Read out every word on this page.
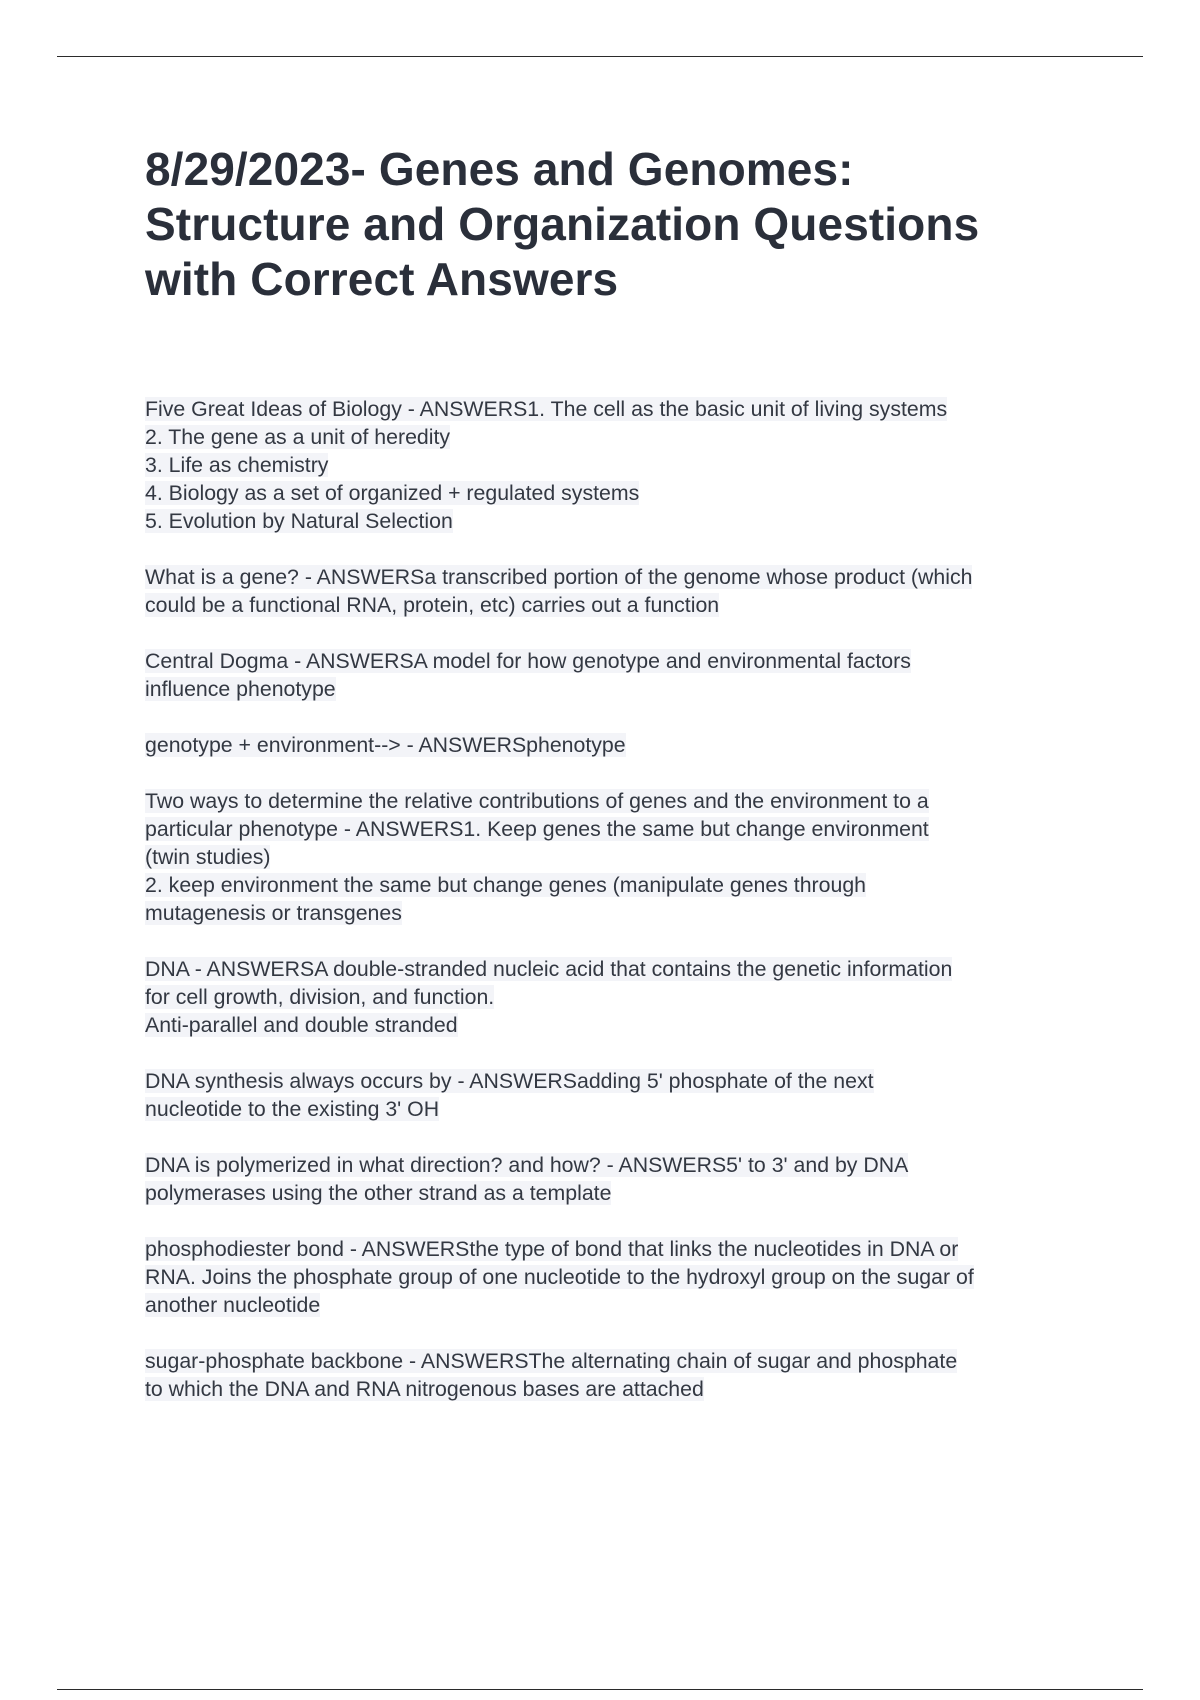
8/29/2023- Genes and Genomes:
Structure and Organization Questions
with Correct Answers
Five Great Ideas of Biology - ANSWERS1. The cell as the basic unit of living systems
2. The gene as a unit of heredity
3. Life as chemistry
4. Biology as a set of organized + regulated systems
5. Evolution by Natural Selection
What is a gene? - ANSWERSa transcribed portion of the genome whose product (which
could be a functional RNA, protein, etc) carries out a function
Central Dogma - ANSWERSA model for how genotype and environmental factors
influence phenotype
genotype + environment--> - ANSWERSphenotype
Two ways to determine the relative contributions of genes and the environment to a
particular phenotype - ANSWERS1. Keep genes the same but change environment
(twin studies)
2. keep environment the same but change genes (manipulate genes through
mutagenesis or transgenes
DNA - ANSWERSA double-stranded nucleic acid that contains the genetic information
for cell growth, division, and function.
Anti-parallel and double stranded
DNA synthesis always occurs by - ANSWERSadding 5' phosphate of the next
nucleotide to the existing 3' OH
DNA is polymerized in what direction? and how? - ANSWERS5' to 3' and by DNA
polymerases using the other strand as a template
phosphodiester bond - ANSWERSthe type of bond that links the nucleotides in DNA or
RNA. Joins the phosphate group of one nucleotide to the hydroxyl group on the sugar of
another nucleotide
sugar-phosphate backbone - ANSWERSThe alternating chain of sugar and phosphate
to which the DNA and RNA nitrogenous bases are attached
